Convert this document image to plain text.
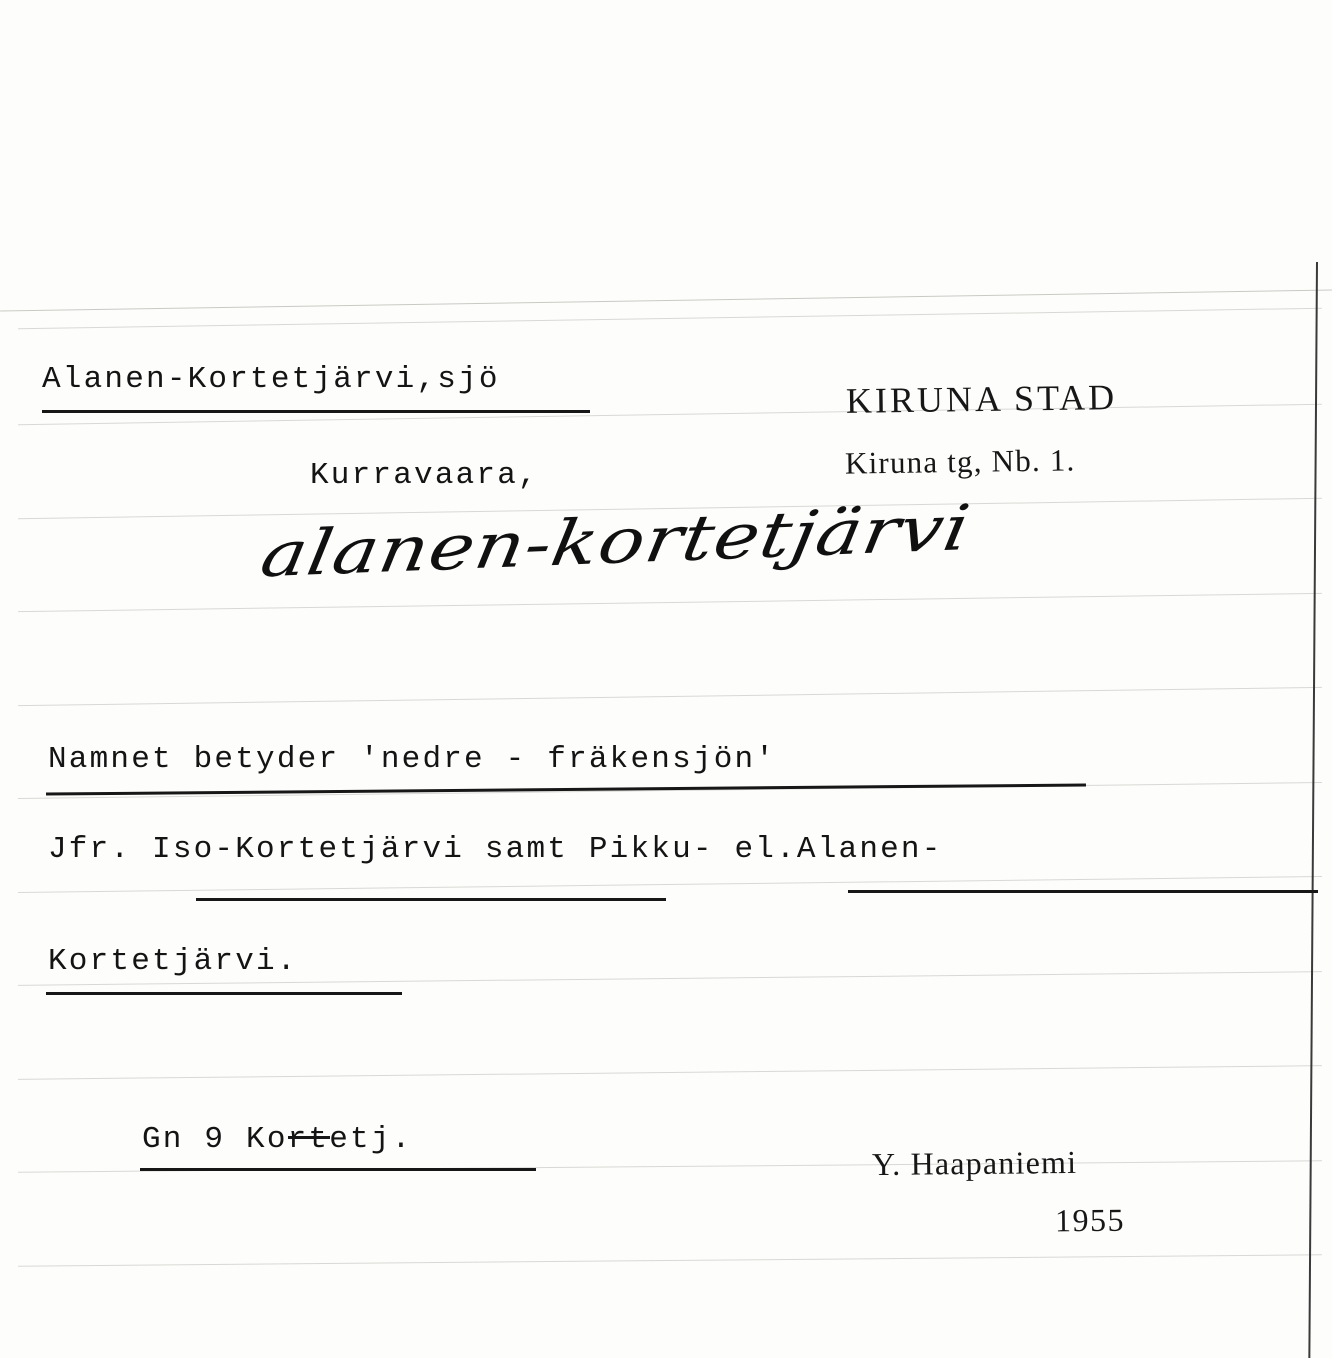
Alanen-Kortetjärvi,sjö
Kurravaara,
KIRUNA STAD
Kiruna tg, Nb. 1.
alanen-kortetjärvi
Namnet betyder 'nedre - fräkensjön'
Jfr. Iso-Kortetjärvi samt Pikku- el.Alanen-
Kortetjärvi.
Gn 9 Kortetj.
Y. Haapaniemi
1955
